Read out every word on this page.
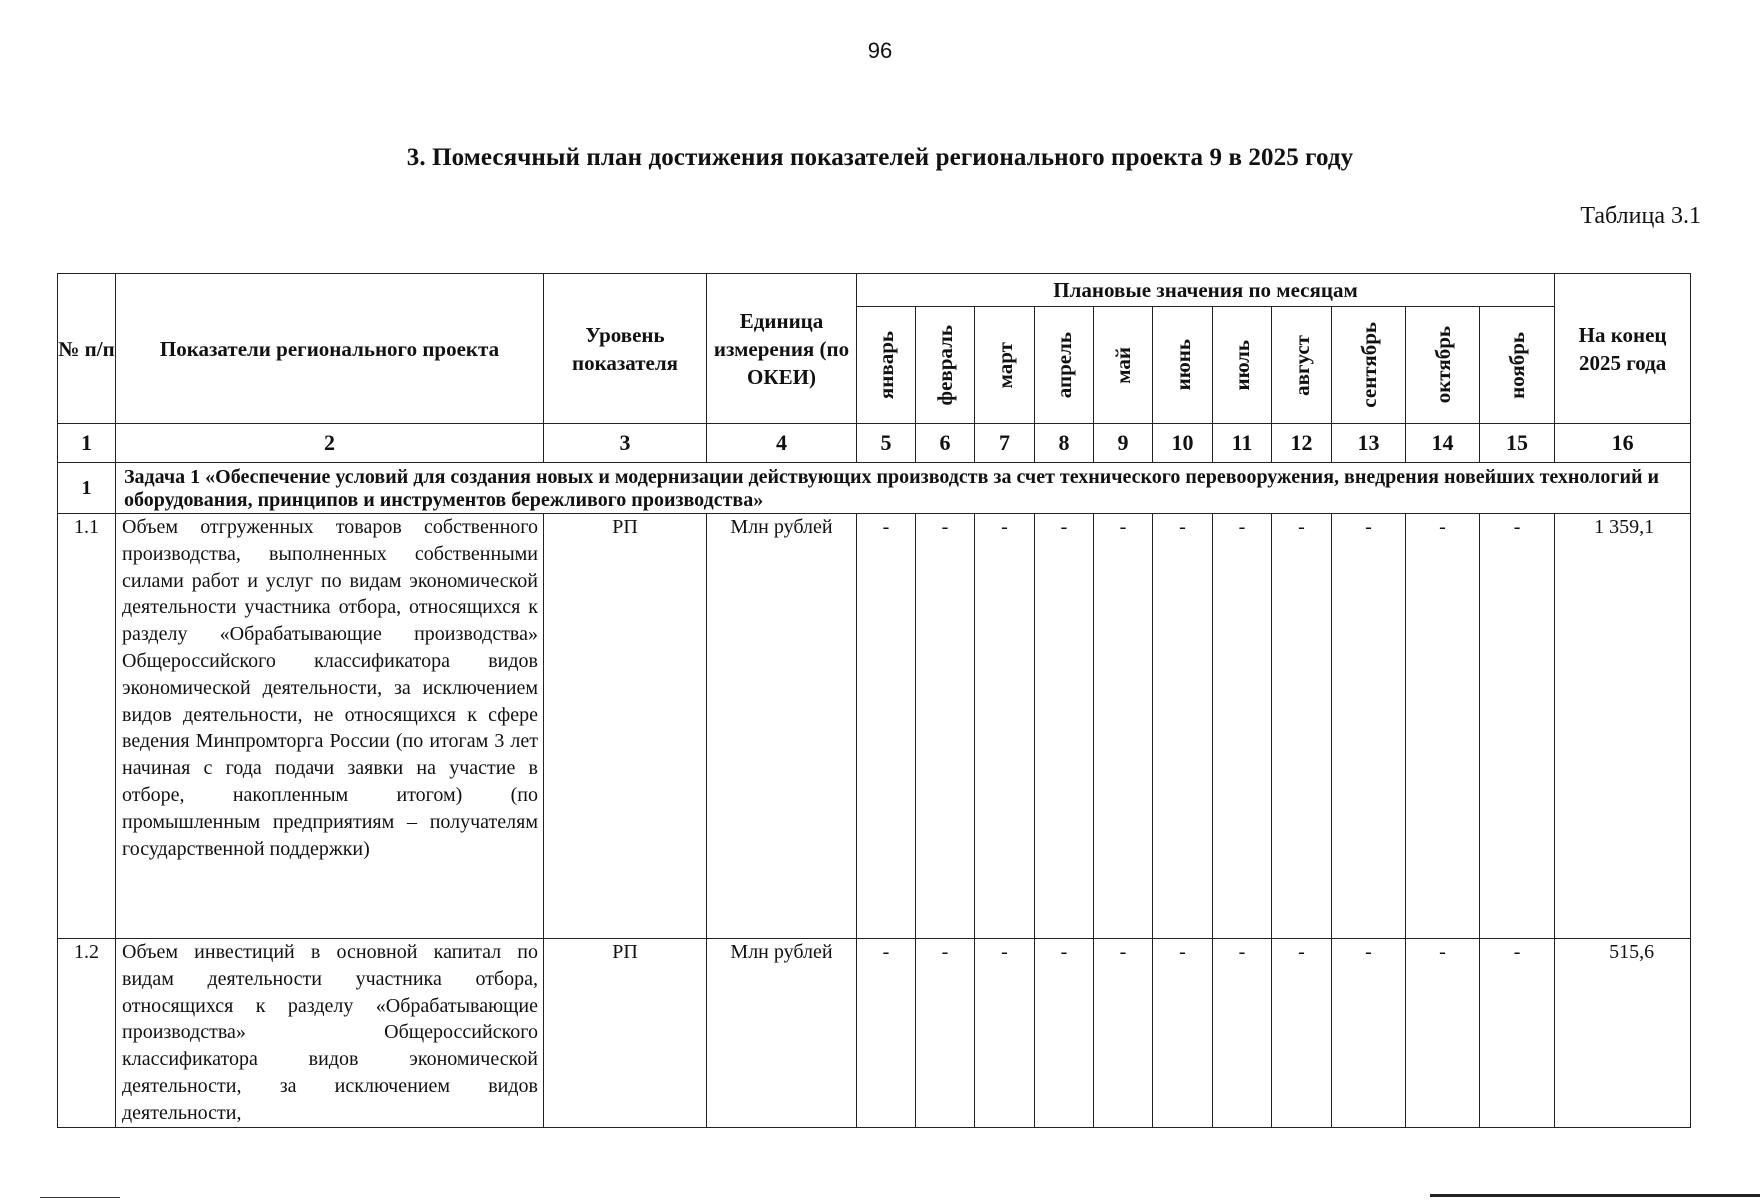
96
3. Помесячный план достижения показателей регионального проекта 9 в 2025 году
Таблица 3.1
№ п/п	Показатели регионального проекта	Уровень показателя	Единица измерения (по ОКЕИ)	Плановые значения по месяцам											На конец 2025 года

				январь	февраль	март	апрель	май	июнь	июль	август	сентябрь	октябрь	ноябрь	

1	2	3	4	5	6	7	8	9	10	11	12	13	14	15	16
1	Задача 1 «Обеспечение условий для создания новых и модернизации действующих производств за счет технического перевооружения, внедрения новейших технологий и оборудования, принципов и инструментов бережливого производства»														
1.1	Объем отгруженных товаров собственного производства, выполненных собственными силами работ и услуг по видам экономической деятельности участника отбора, относящихся к разделу «Обрабатывающие производства» Общероссийского классификатора видов экономической деятельности, за исключением видов деятельности, не относящихся к сфере ведения Минпромторга России (по итогам 3 лет начиная с года подачи заявки на участие в отборе, накопленным итогом) (по промышленным предприятиям – получателям государственной поддержки)	РП	Млн рублей	-	-	-	-	-	-	-	-	-	-	-	1 359,1
1.2	Объем инвестиций в основной капитал по видам деятельности участника отбора, относящихся к разделу «Обрабатывающие производства» Общероссийского классификатора видов экономической деятельности, за исключением видов деятельности,	РП	Млн рублей	-	-	-	-	-	-	-	-	-	-	-	515,6
